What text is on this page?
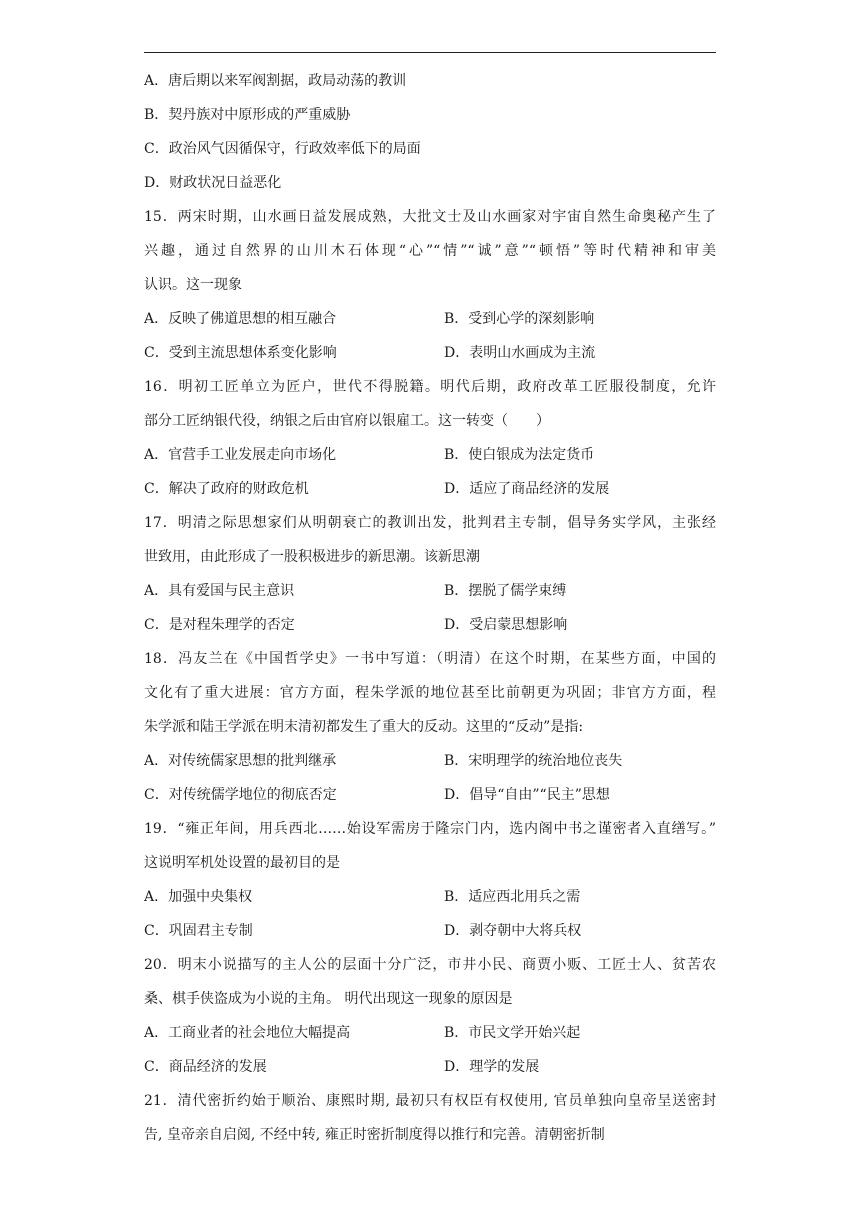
A．唐后期以来军阀割据，政局动荡的教训
B．契丹族对中原形成的严重威胁
C．政治风气因循保守，行政效率低下的局面
D．财政状况日益恶化
15．两宋时期，山水画日益发展成熟，大批文士及山水画家对宇宙自然生命奥秘产生了
兴趣，通过自然界的山川木石体现“心”“情”“诚”意”“顿悟”等时代精神和审美
认识。这一现象
A．反映了佛道思想的相互融合	B．受到心学的深刻影响
C．受到主流思想体系变化影响	D．表明山水画成为主流
16．明初工匠单立为匠户，世代不得脱籍。明代后期，政府改革工匠服役制度，允许
部分工匠纳银代役，纳银之后由官府以银雇工。这一转变（　　）
A．官营手工业发展走向市场化	B．使白银成为法定货币
C．解决了政府的财政危机	D．适应了商品经济的发展
17．明清之际思想家们从明朝衰亡的教训出发，批判君主专制，倡导务实学风，主张经
世致用，由此形成了一股积极进步的新思潮。该新思潮
A．具有爱国与民主意识	B．摆脱了儒学束缚
C．是对程朱理学的否定	D．受启蒙思想影响
18．冯友兰在《中国哲学史》一书中写道：（明清）在这个时期，在某些方面，中国的
文化有了重大进展：官方方面，程朱学派的地位甚至比前朝更为巩固；非官方方面，程
朱学派和陆王学派在明末清初都发生了重大的反动。这里的“反动”是指:
A．对传统儒家思想的批判继承	B．宋明理学的统治地位丧失
C．对传统儒学地位的彻底否定	D．倡导“自由”“民主”思想
19．“雍正年间，用兵西北……始设军需房于隆宗门内，选内阁中书之谨密者入直缮写。”
这说明军机处设置的最初目的是
A．加强中央集权	B．适应西北用兵之需
C．巩固君主专制	D．剥夺朝中大将兵权
20．明末小说描写的主人公的层面十分广泛，市井小民、商贾小贩、工匠士人、贫苦农
桑、棋手侠盗成为小说的主角。 明代出现这一现象的原因是
A．工商业者的社会地位大幅提高	B．市民文学开始兴起
C．商品经济的发展	D．理学的发展
21．清代密折约始于顺治、康熙时期, 最初只有权臣有权使用, 官员单独向皇帝呈送密封
告, 皇帝亲自启阅, 不经中转, 雍正时密折制度得以推行和完善。清朝密折制
